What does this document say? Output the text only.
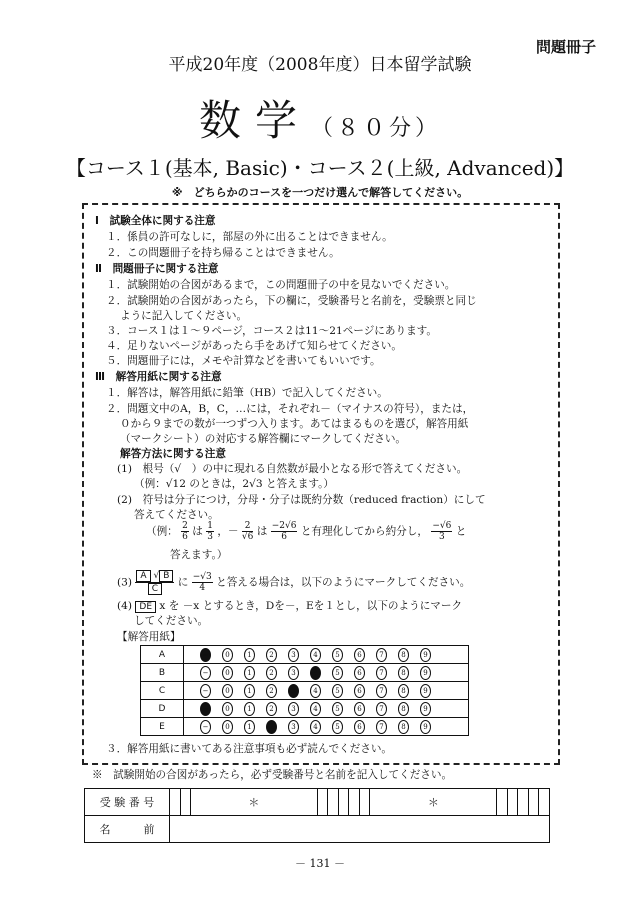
問題冊子
平成20年度（2008年度）日本留学試験
数学（８０分）
【コース１(基本, Basic)・コース２(上級, Advanced)】
※　どちらかのコースを一つだけ選んで解答してください。
Ⅰ　試験全体に関する注意
１．係員の許可なしに，部屋の外に出ることはできません。
２．この問題冊子を持ち帰ることはできません。
Ⅱ　問題冊子に関する注意
１．試験開始の合図があるまで，この問題冊子の中を見ないでください。
２．試験開始の合図があったら，下の欄に，受験番号と名前を，受験票と同じ
ように記入してください。
３．コース１は１～９ページ，コース２は11～21ページにあります。
４．足りないページがあったら手をあげて知らせてください。
５．問題冊子には，メモや計算などを書いてもいいです。
Ⅲ　解答用紙に関する注意
１．解答は，解答用紙に鉛筆（HB）で記入してください。
２．問題文中のA，B，C，…には，それぞれ－（マイナスの符号），または，
０から９までの数が一つずつ入ります。あてはまるものを選び，解答用紙
（マークシート）の対応する解答欄にマークしてください。
解答方法に関する注意
(1)　根号（√　）の中に現れる自然数が最小となる形で答えてください。
（例：√12 のときは，2√3 と答えます。）
(2)　符号は分子につけ，分母・分子は既約分数（reduced fraction）にして
答えてください。
（例： $\frac{2}{6}$ は $\frac{1}{3}$ ，－ $\frac{2}{√6}$ は $\frac{-2√6}{6}$ と有理化してから約分し， $\frac{-√6}{3}$ と
答えます。）
$(3) \frac{A √ B}{C}$ に $\frac{-√3}{4}$ と答える場合は，以下のようにマークしてください。
(4) DE x を －x とするとき，Dを－，Eを１とし，以下のようにマーク
してください。
【解答用紙】
A	− 0 1 2 3 4 5 6 7 8 9
B	− 0 1 2 3 4 5 6 7 8 9
C	− 0 1 2 3 4 5 6 7 8 9
D	− 0 1 2 3 4 5 6 7 8 9
E	− 0 1 2 3 4 5 6 7 8 9
３．解答用紙に書いてある注意事項も必ず読んでください。
※　試験開始の合図があったら，必ず受験番号と名前を記入してください。
受 験 番 号			＊						＊					
名　　　前														
－ 131 －
